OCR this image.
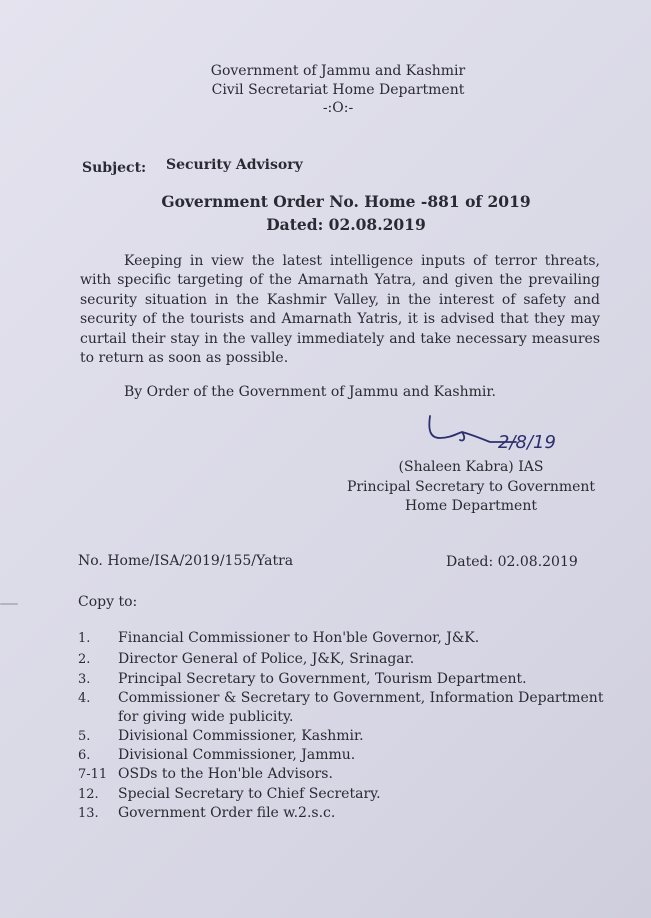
Government of Jammu and Kashmir
Civil Secretariat Home Department
-:O:-
Subject: Security Advisory
Government Order No. Home -881 of 2019
Dated: 02.08.2019
Keeping in view the latest intelligence inputs of terror threats, with specific targeting of the Amarnath Yatra, and given the prevailing security situation in the Kashmir Valley, in the interest of safety and security of the tourists and Amarnath Yatris, it is advised that they may curtail their stay in the valley immediately and take necessary measures to return as soon as possible.
By Order of the Government of Jammu and Kashmir.
2/8/19
(Shaleen Kabra) IAS
Principal Secretary to Government
Home Department
No. Home/ISA/2019/155/Yatra	Dated: 02.08.2019
Copy to:
1. Financial Commissioner to Hon'ble Governor, J&K.
2. Director General of Police, J&K, Srinagar.
3. Principal Secretary to Government, Tourism Department.
4. Commissioner & Secretary to Government, Information Department
for giving wide publicity.
5. Divisional Commissioner, Kashmir.
6. Divisional Commissioner, Jammu.
7-11 OSDs to the Hon'ble Advisors.
12. Special Secretary to Chief Secretary.
13. Government Order file w.2.s.c.
